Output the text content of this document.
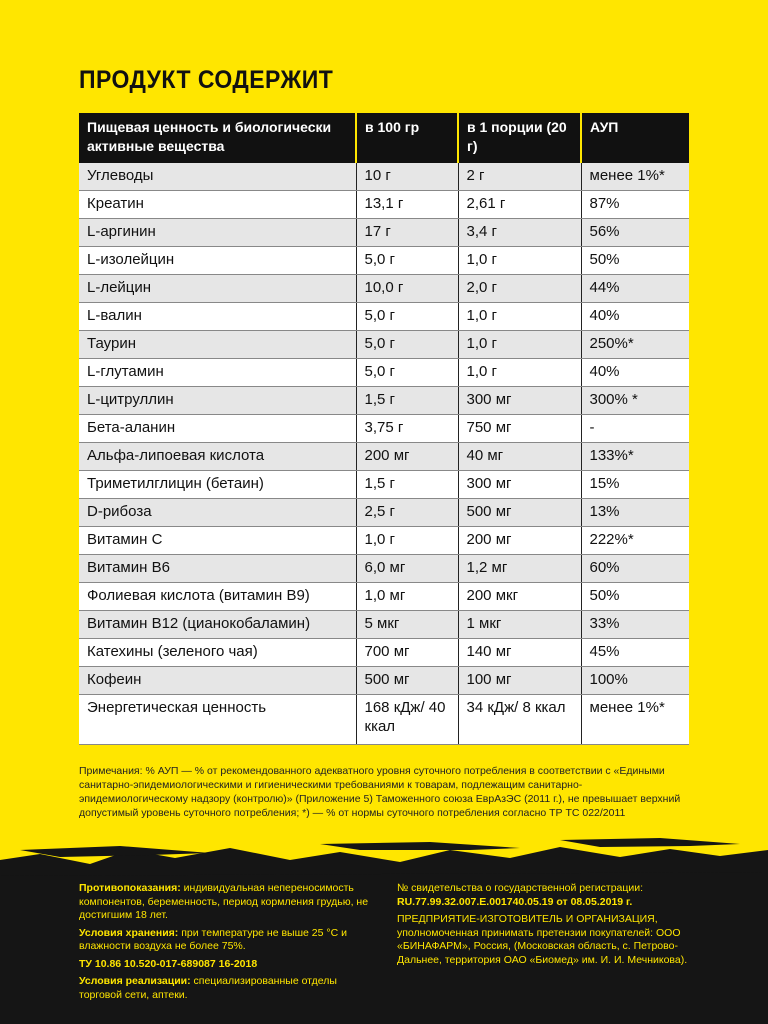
ПРОДУКТ СОДЕРЖИТ
Пищевая ценность и биологически активные вещества	в 100 гр	в 1 порции (20 г)	АУП
Углеводы	10 г	2 г	менее 1%*
Креатин	13,1 г	2,61 г	87%
L-аргинин	17 г	3,4 г	56%
L-изолейцин	5,0 г	1,0 г	50%
L-лейцин	10,0 г	2,0 г	44%
L-валин	5,0 г	1,0 г	40%
Таурин	5,0 г	1,0 г	250%*
L-глутамин	5,0 г	1,0 г	40%
L-цитруллин	1,5 г	300 мг	300% *
Бета-аланин	3,75 г	750 мг	-
Альфа-липоевая кислота	200 мг	40 мг	133%*
Триметилглицин (бетаин)	1,5 г	300 мг	15%
D-рибоза	2,5 г	500 мг	13%
Витамин С	1,0 г	200 мг	222%*
Витамин В6	6,0 мг	1,2 мг	60%
Фолиевая кислота (витамин В9)	1,0 мг	200 мкг	50%
Витамин В12 (цианокобаламин)	5 мкг	1 мкг	33%
Катехины (зеленого чая)	700 мг	140 мг	45%
Кофеин	500 мг	100 мг	100%
Энергетическая ценность	168 кДж/ 40 ккал	34 кДж/ 8 ккал	менее 1%*
Примечания: % АУП — % от рекомендованного адекватного уровня суточного потребления в соответствии с «Едиными санитарно-эпидемиологическими и гигиеническими требованиями к товарам, подлежащим санитарно-эпидемиологическому надзору (контролю)» (Приложение 5) Таможенного союза ЕврАзЭС (2011 г.), не превышает верхний допустимый уровень суточного потребления; *) — % от нормы суточного потребления согласно ТР ТС 022/2011

Противопоказания: индивидуальная непереносимость компонентов, беременность, период кормления грудью, не достигшим 18 лет.

Условия хранения: при температуре не выше 25 °С и влажности воздуха не более 75%.

ТУ 10.86 10.520-017-689087 16-2018

Условия реализации: специализированные отделы торговой сети, аптеки.

№ свидетельства о государственной регистрации:

RU.77.99.32.007.E.001740.05.19 от 08.05.2019 г.

ПРЕДПРИЯТИЕ-ИЗГОТОВИТЕЛЬ И ОРГАНИЗАЦИЯ, уполномоченная принимать претензии покупателей: ООО «БИНАФАРМ», Россия, (Московская область, с. Петрово-Дальнее, территория ОАО «Биомед» им. И. И. Мечникова).
